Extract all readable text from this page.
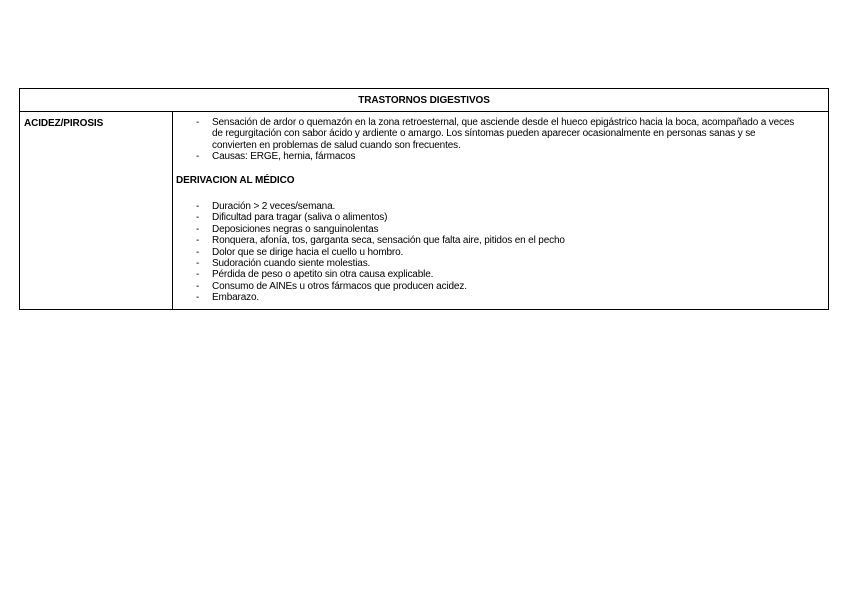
TRASTORNOS DIGESTIVOS
ACIDEZ/PIROSIS	
-Sensación de ardor o quemazón en la zona retroesternal, que asciende desde el hueco epigástrico hacia la boca, acompañado a veces de regurgitación con sabor ácido y ardiente o amargo. Los síntomas pueden aparecer ocasionalmente en personas sanas y se convierten en problemas de salud cuando son frecuentes.
- Causas: ERGE, hernia, fármacos
DERIVACION AL MÉDICO
- Duración > 2 veces/semana.
- Dificultad para tragar (saliva o alimentos)
- Deposiciones negras o sanguinolentas
- Ronquera, afonía, tos, garganta seca, sensación que falta aire, pitidos en el pecho
- Dolor que se dirige hacia el cuello u hombro.
- Sudoración cuando siente molestias.
- Pérdida de peso o apetito sin otra causa explicable.
- Consumo de AINEs u otros fármacos que producen acidez.
- Embarazo.
